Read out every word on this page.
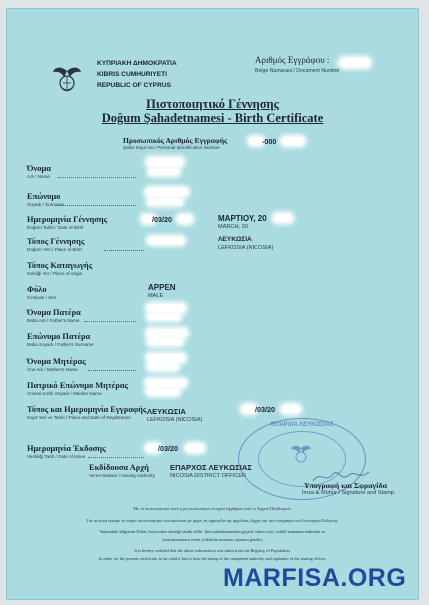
ΚΥΠΡΙΑΚΗ ΔΗΜΟΚΡΑΤΙΑ
KIBRIS CUMHURIYETI
REPUBLIC OF CYPRUS
Αριθμός Εγγράφου :
Belge Numarasi / Document Number
Πιστοποιητικό Γέννησης
Doğum Şahadetnamesi - Birth Certificate
Προσωπικός Αριθμός Εγγραφής
Şahsi Kayıt No / Personal Identification Number
-000
Όνομα
Adı / Name
Επώνυμο
Soyadı / Surname
Ημερομηνία Γέννησης
Doğum Tarihi / Date of Birth
/03/20	ΜΑΡΤΙΟΥ, 20
MARCH, 20
Τόπος Γέννησης
Doğum Yeri / Place of Birth
ΛΕΥΚΩΣΙΑ
LEFKOSIA (NICOSIA)
Τόπος Καταγωγής
Geldiği Yer / Place of origin
Φύλο
Cinsiyeti / Sex
ΑΡΡΕΝ
MALE
Όνομα Πατέρα
Baba Adı / Father's Name
Επώνυμο Πατέρα
Baba Soyadı / Father's Surname
Όνομα Μητέρας
Ana Adı / Mother's Name
Πατρικό Επώνυμο Μητέρας
Annesi Kızlık Soyadı / Maiden Name
Τόπος και Ημερομηνία Εγγραφής
Kayıt Yeri ve Tarihi / Place and Date of Registration
ΛΕΥΚΩΣΙΑ
LEFKOSIA (NICOSIA)
/03/20
ΕΠΑΡΧΙΑ ΛΕΥΚΩΣΙΑΣ
Ημερομηνία Έκδοσης
Verildiği Tarih / Date of Issue
/03/20
Εκδίδουσα Αρχή
Veren Makam / Issuing Authority
ΕΠΑΡΧΟΣ ΛΕΥΚΩΣΙΑΣ
NICOSIA DISTRICT OFFICER
Υπογραφή και Σφραγίδα
İmza & Mühür / Signature and Stamp
Με το πιστοποιητικό αυτό η μη τα ανωτέρω στοιχεία λήφθηκαν από το Αρχείο Πληθυσμού.
Για να είναι έγκυρο το παρόν πιστοποιητικό επικυρώνεται με φέρει τη σφραγίδα της αρμόδιας Αρχής και την υπογραφή του Λειτουργού Εκδοσης.
Yukarıdaki bilgilerin Nüfus Arşivinden alındığı tasdik edilir. İşbu şahadetnamenin geçerli olması için, yetkili makamın mührünü ve
yazmakmamuru veren yetkilinin imzasını taşıması gerekir.
It is hereby certified that the above information was taken from the Registry of Population.
In order for the present certificate, to be valid it has to bear the stamp of the competent authority and signature of the issuing officer.
MARFISA.ORG
